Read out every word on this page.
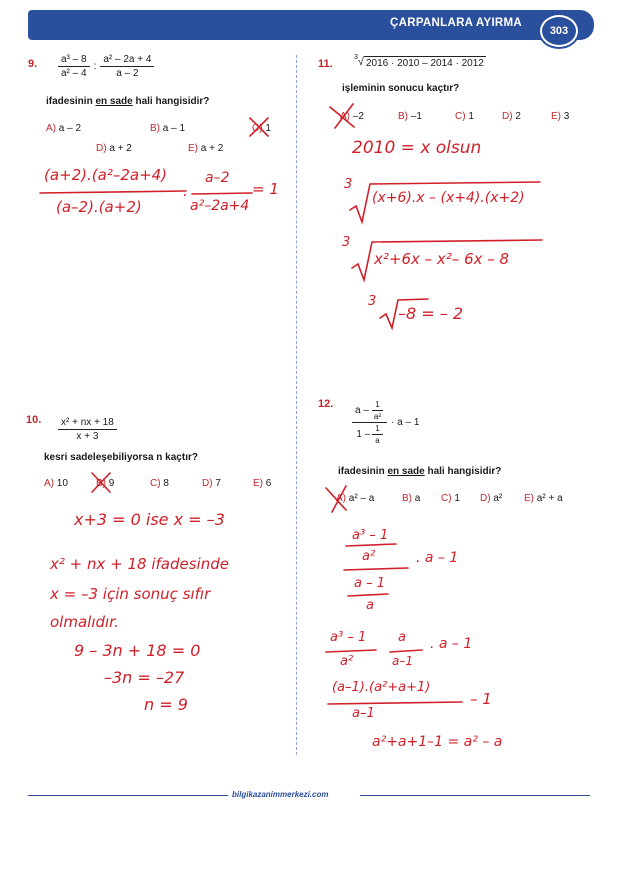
ÇARPANLARA AYIRMA
303
9. $\frac{\text{a³ – 8}}{\text{a² – 4}}$ : $\frac{\text{a² – 2a + 4}}{a - 2}$
ifadesinin en sade hali hangisidir?
A) a – 2	B) a – 1	C) 1
D) a + 2	E) a + 2
(a+2).(a²–2a+4)
(a–2).(a+2)
a–2
a²–2a+4
= 1
.
10. $\frac{\text{x² + nx + 18}}{x + 3}$
kesri sadeleşebiliyorsa n kaçtır?
A) 10	B) 9	C) 8	D) 7	E) 6
x+3 = 0 ise x = –3
x² + nx + 18 ifadesinde
x = –3 için sonuç sıfır
olmalıdır.
9 – 3n + 18 = 0
–3n = –27
n = 9
11.
3 √ 2016 · 2010 – 2014 · 2012
işleminin sonucu kaçtır?
A) –2	B) –1	C) 1	D) 2	E) 3
2010 = x olsun
3
(x+6).x – (x+4).(x+2)
3
x²+6x – x²– 6x – 8
3
–8 = – 2
12. $\frac{a - \frac{1}{\text{a²}}}{1 - \frac{1}{a}} \cdot a - 1$
ifadesinin en sade hali hangisidir?
A) a² – a	B) a C) 1 D) a² E) a² + a
a³ – 1
a²
a – 1
a
. a – 1
a³ – 1
a²
a
a–1
. a – 1
(a–1).(a²+a+1)
a–1
– 1
a²+a+1–1 = a² – a
bilgikazanimmerkezi.com
